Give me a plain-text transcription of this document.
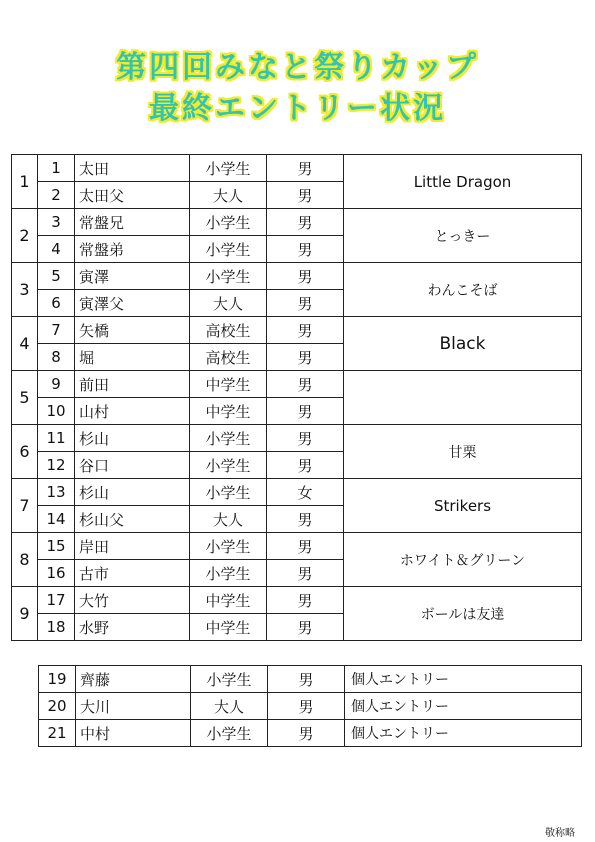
第四回みなと祭りカップ
最終エントリー状況
1	1	太田	小学生	男	Little Dragon
	2	太田父	大人	男	
2	3	常盤兄	小学生	男	とっきー
	4	常盤弟	小学生	男	
3	5	寅澤	小学生	男	わんこそば
	6	寅澤父	大人	男	
4	7	矢橋	高校生	男	Black
	8	堀	高校生	男	
5	9	前田	中学生	男	
	10	山村	中学生	男	
6	11	杉山	小学生	男	甘栗
	12	谷口	小学生	男	
7	13	杉山	小学生	女	Strikers
	14	杉山父	大人	男	
8	15	岸田	小学生	男	ホワイト＆グリーン
	16	古市	小学生	男	
9	17	大竹	中学生	男	ボールは友達
	18	水野	中学生	男	
19	齊藤	小学生	男	個人エントリー
20	大川	大人	男	個人エントリー
21	中村	小学生	男	個人エントリー
敬称略
